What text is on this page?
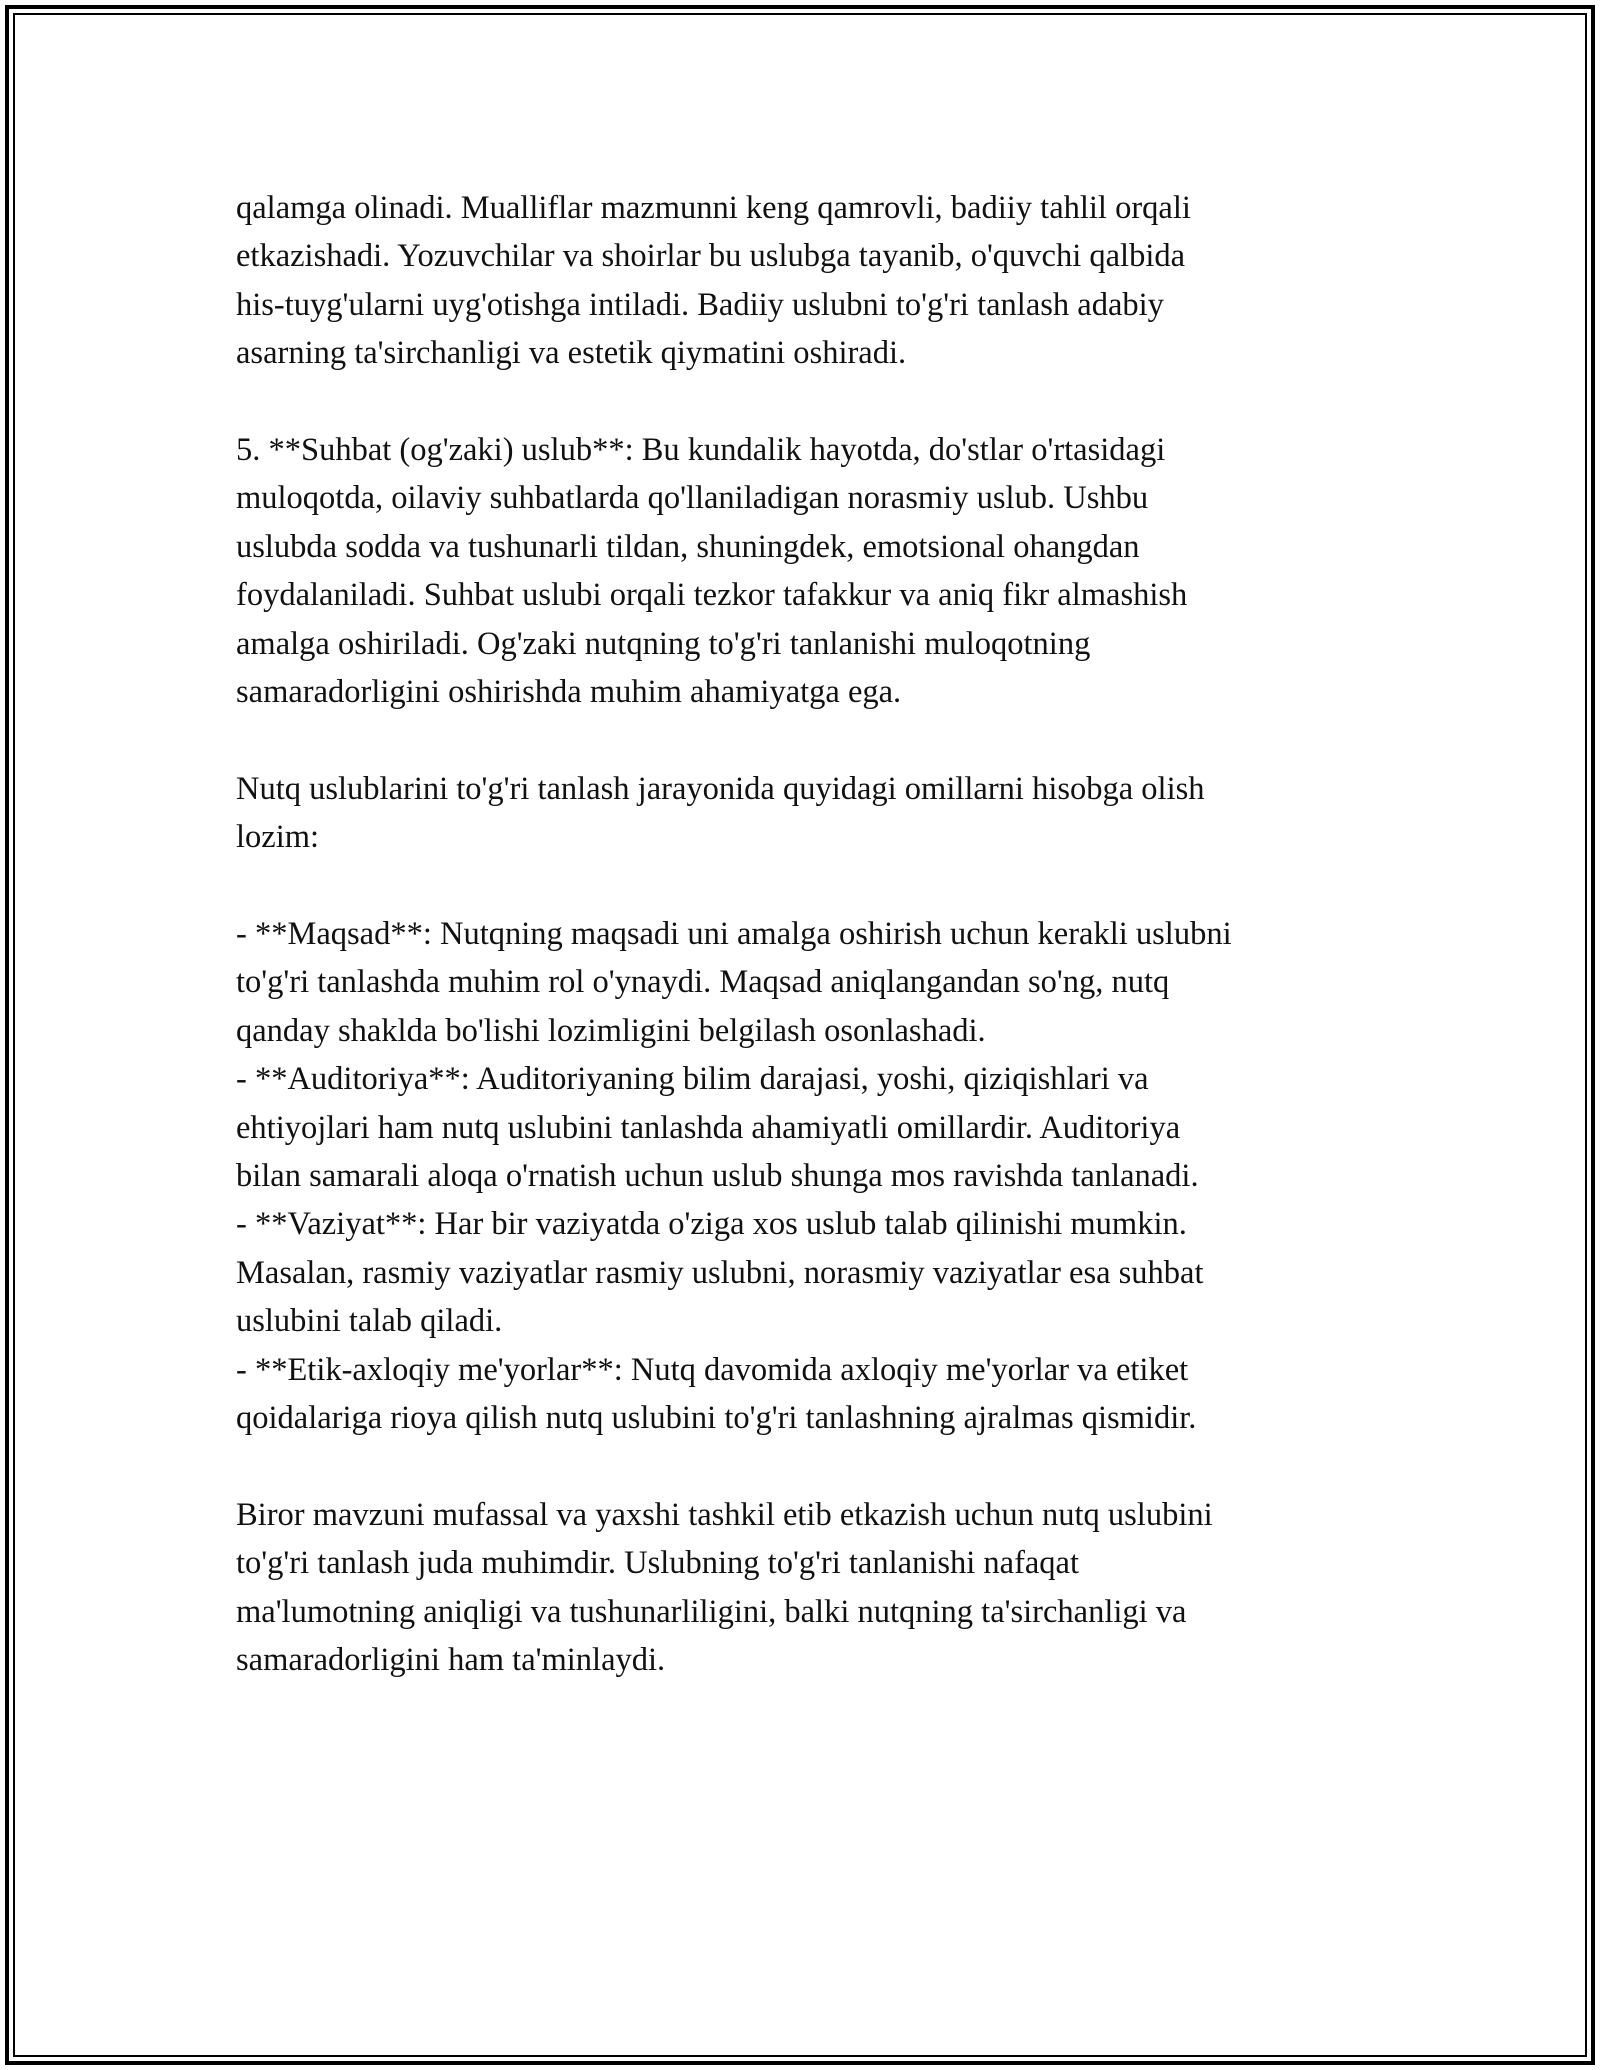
qalamga olinadi. Mualliflar mazmunni keng qamrovli, badiiy tahlil orqali
etkazishadi. Yozuvchilar va shoirlar bu uslubga tayanib, o'quvchi qalbida
his-tuyg'ularni uyg'otishga intiladi. Badiiy uslubni to'g'ri tanlash adabiy
asarning ta'sirchanligi va estetik qiymatini oshiradi.
5. **Suhbat (og'zaki) uslub**: Bu kundalik hayotda, do'stlar o'rtasidagi
muloqotda, oilaviy suhbatlarda qo'llaniladigan norasmiy uslub. Ushbu
uslubda sodda va tushunarli tildan, shuningdek, emotsional ohangdan
foydalaniladi. Suhbat uslubi orqali tezkor tafakkur va aniq fikr almashish
amalga oshiriladi. Og'zaki nutqning to'g'ri tanlanishi muloqotning
samaradorligini oshirishda muhim ahamiyatga ega.
Nutq uslublarini to'g'ri tanlash jarayonida quyidagi omillarni hisobga olish
lozim:
- **Maqsad**: Nutqning maqsadi uni amalga oshirish uchun kerakli uslubni
to'g'ri tanlashda muhim rol o'ynaydi. Maqsad aniqlangandan so'ng, nutq
qanday shaklda bo'lishi lozimligini belgilash osonlashadi.
- **Auditoriya**: Auditoriyaning bilim darajasi, yoshi, qiziqishlari va
ehtiyojlari ham nutq uslubini tanlashda ahamiyatli omillardir. Auditoriya
bilan samarali aloqa o'rnatish uchun uslub shunga mos ravishda tanlanadi.
- **Vaziyat**: Har bir vaziyatda o'ziga xos uslub talab qilinishi mumkin.
Masalan, rasmiy vaziyatlar rasmiy uslubni, norasmiy vaziyatlar esa suhbat
uslubini talab qiladi.
- **Etik-axloqiy me'yorlar**: Nutq davomida axloqiy me'yorlar va etiket
qoidalariga rioya qilish nutq uslubini to'g'ri tanlashning ajralmas qismidir.
Biror mavzuni mufassal va yaxshi tashkil etib etkazish uchun nutq uslubini
to'g'ri tanlash juda muhimdir. Uslubning to'g'ri tanlanishi nafaqat
ma'lumotning aniqligi va tushunarliligini, balki nutqning ta'sirchanligi va
samaradorligini ham ta'minlaydi.
